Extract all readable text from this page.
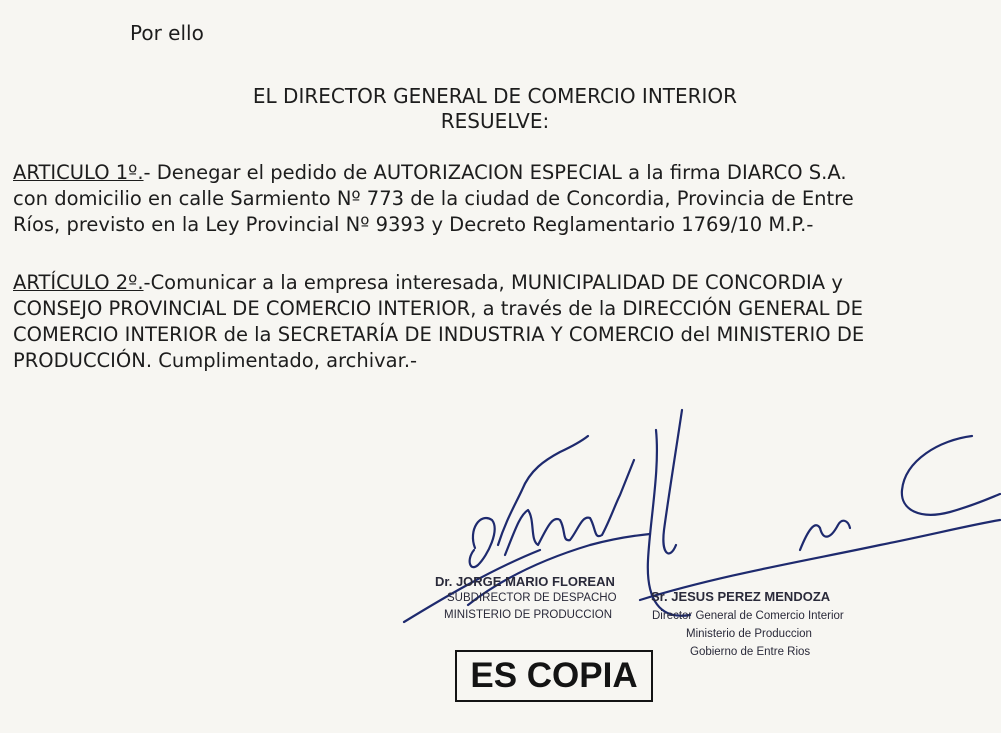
Por ello

EL DIRECTOR GENERAL DE COMERCIO INTERIOR

RESUELVE:

ARTICULO 1º.- Denegar el pedido de AUTORIZACION ESPECIAL a la firma DIARCO S.A.
con domicilio en calle Sarmiento Nº 773 de la ciudad de Concordia, Provincia de Entre
Ríos, previsto en la Ley Provincial Nº 9393 y Decreto Reglamentario 1769/10 M.P.-
ARTÍCULO 2º.-Comunicar a la empresa interesada, MUNICIPALIDAD DE CONCORDIA y
CONSEJO PROVINCIAL DE COMERCIO INTERIOR, a través de la DIRECCIÓN GENERAL DE
COMERCIO INTERIOR de la SECRETARÍA DE INDUSTRIA Y COMERCIO del MINISTERIO DE
PRODUCCIÓN. Cumplimentado, archivar.-
Dr. JORGE MARIO FLOREAN
SUBDIRECTOR DE DESPACHO
MINISTERIO DE PRODUCCION
Sr. JESUS PEREZ MENDOZA
Director General de Comercio Interior
Ministerio de Produccion
Gobierno de Entre Rios
ES COPIA
